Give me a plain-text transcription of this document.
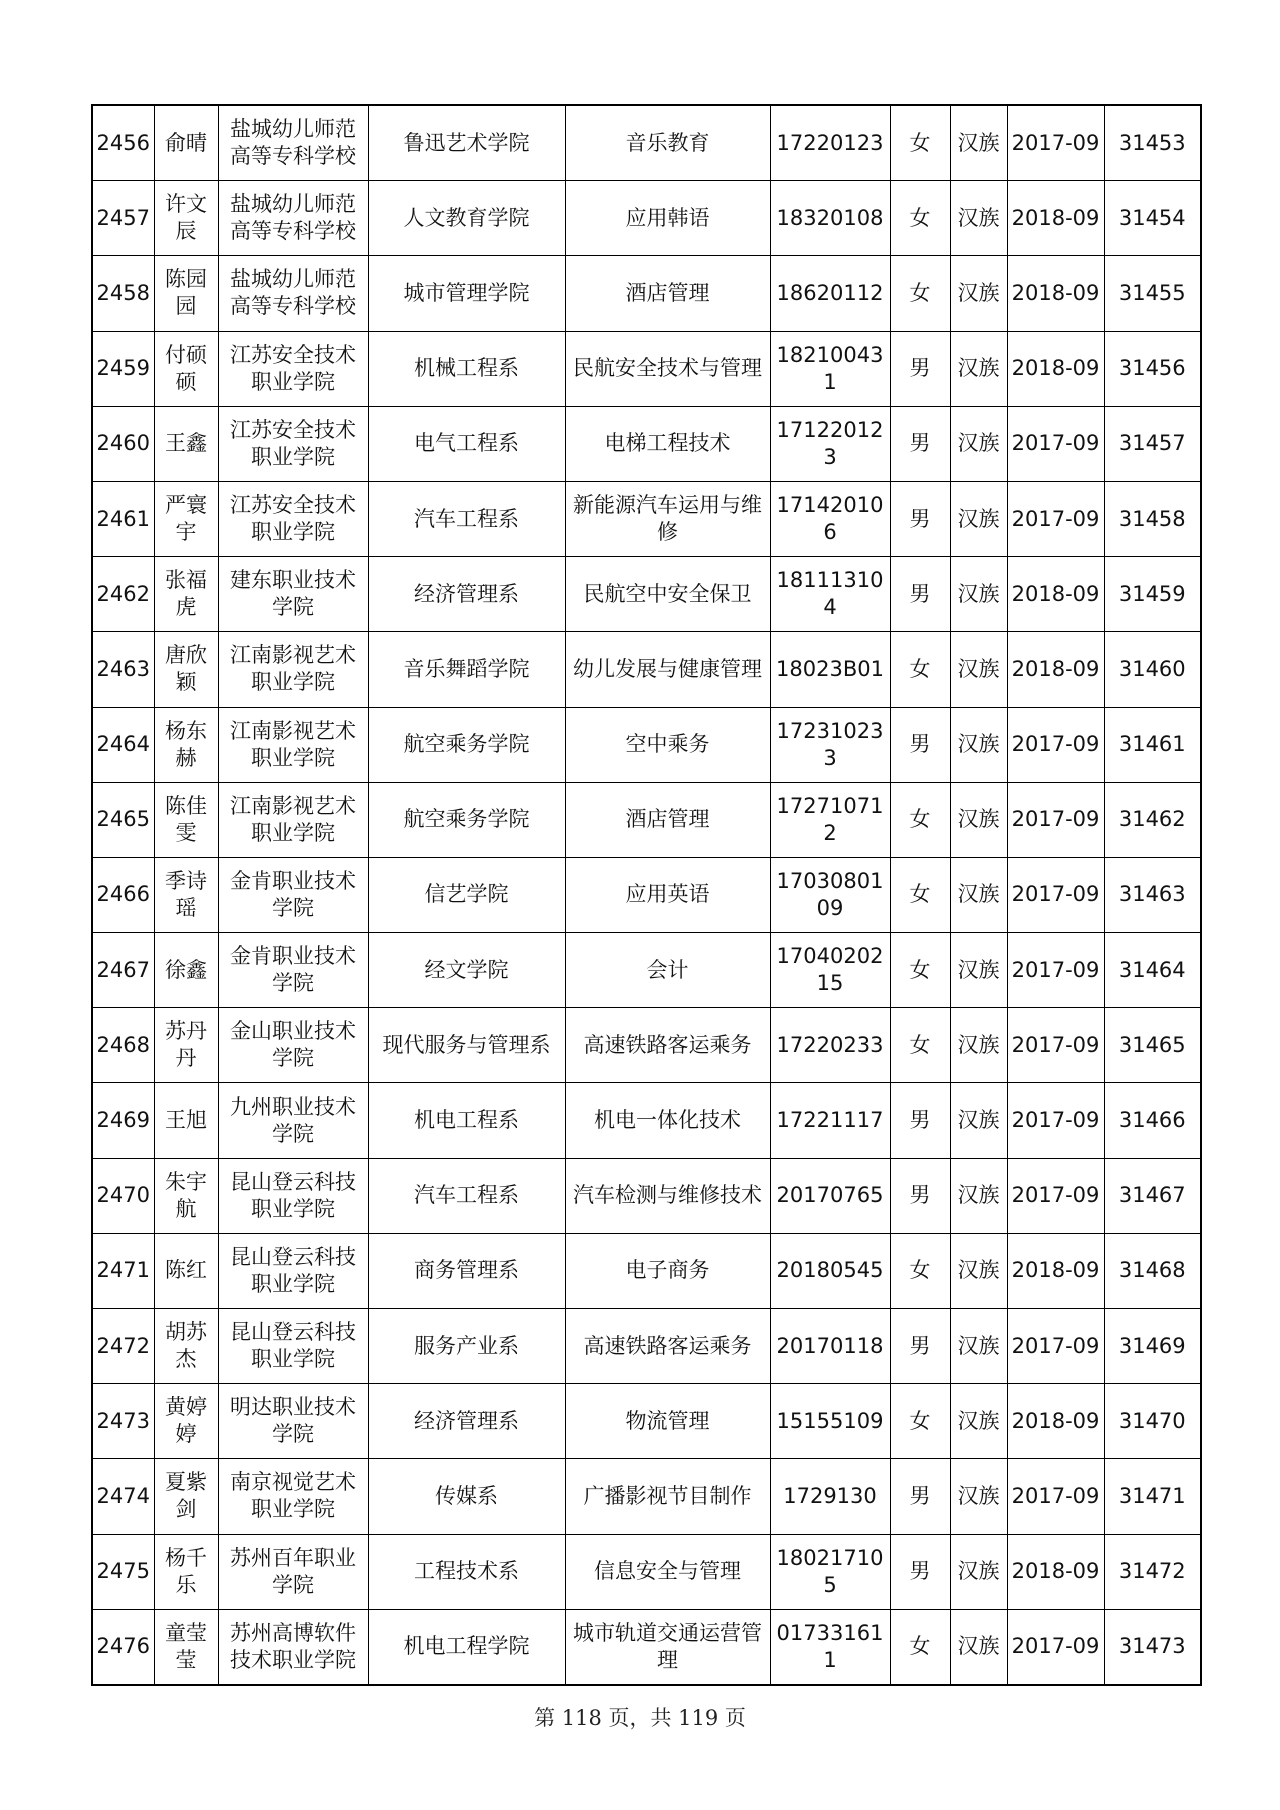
2456	俞晴	盐城幼儿师范高等专科学校	鲁迅艺术学院	音乐教育	17220123	女	汉族	2017-09	31453

2457	许文辰	盐城幼儿师范高等专科学校	人文教育学院	应用韩语	18320108	女	汉族	2018-09	31454

2458	陈园园	盐城幼儿师范高等专科学校	城市管理学院	酒店管理	18620112	女	汉族	2018-09	31455

2459	付硕硕	江苏安全技术职业学院	机械工程系	民航安全技术与管理	182100431	男	汉族	2018-09	31456

2460	王鑫	江苏安全技术职业学院	电气工程系	电梯工程技术	171220123	男	汉族	2017-09	31457

2461	严寰宇	江苏安全技术职业学院	汽车工程系	新能源汽车运用与维修	171420106	男	汉族	2017-09	31458

2462	张福虎	建东职业技术学院	经济管理系	民航空中安全保卫	181113104	男	汉族	2018-09	31459

2463	唐欣颖	江南影视艺术职业学院	音乐舞蹈学院	幼儿发展与健康管理	18023B01	女	汉族	2018-09	31460

2464	杨东赫	江南影视艺术职业学院	航空乘务学院	空中乘务	172310233	男	汉族	2017-09	31461

2465	陈佳雯	江南影视艺术职业学院	航空乘务学院	酒店管理	172710712	女	汉族	2017-09	31462

2466	季诗瑶	金肯职业技术学院	信艺学院	应用英语	1703080109	女	汉族	2017-09	31463

2467	徐鑫	金肯职业技术学院	经文学院	会计	1704020215	女	汉族	2017-09	31464

2468	苏丹丹	金山职业技术学院	现代服务与管理系	高速铁路客运乘务	17220233	女	汉族	2017-09	31465

2469	王旭	九州职业技术学院	机电工程系	机电一体化技术	17221117	男	汉族	2017-09	31466

2470	朱宇航	昆山登云科技职业学院	汽车工程系	汽车检测与维修技术	20170765	男	汉族	2017-09	31467

2471	陈红	昆山登云科技职业学院	商务管理系	电子商务	20180545	女	汉族	2018-09	31468

2472	胡苏杰	昆山登云科技职业学院	服务产业系	高速铁路客运乘务	20170118	男	汉族	2017-09	31469

2473	黄婷婷	明达职业技术学院	经济管理系	物流管理	15155109	女	汉族	2018-09	31470

2474	夏紫剑	南京视觉艺术职业学院	传媒系	广播影视节目制作	1729130	男	汉族	2017-09	31471

2475	杨千乐	苏州百年职业学院	工程技术系	信息安全与管理	180217105	男	汉族	2018-09	31472

2476	童莹莹	苏州高博软件技术职业学院	机电工程学院	城市轨道交通运营管理	017331611	女	汉族	2017-09	31473
第 118 页，共 119 页
